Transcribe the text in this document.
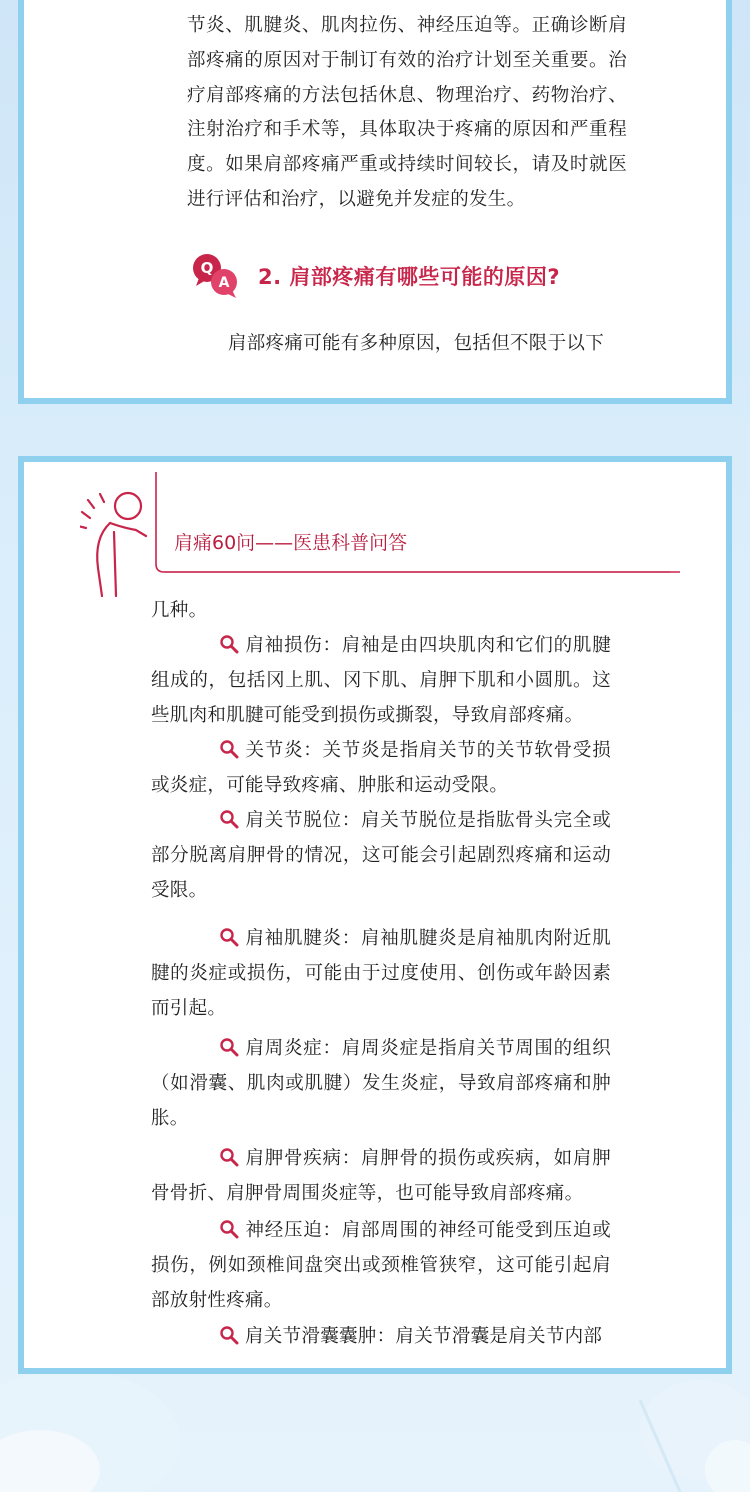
节炎、肌腱炎、肌肉拉伤、神经压迫等。正确诊断肩部疼痛的原因对于制订有效的治疗计划至关重要。治疗肩部疼痛的方法包括休息、物理治疗、药物治疗、注射治疗和手术等，具体取决于疼痛的原因和严重程度。如果肩部疼痛严重或持续时间较长，请及时就医进行评估和治疗，以避免并发症的发生。

Q
A 2. 肩部疼痛有哪些可能的原因?

肩部疼痛可能有多种原因，包括但不限于以下

肩痛60问——医患科普问答

几种。

肩袖损伤：肩袖是由四块肌肉和它们的肌腱组成的，包括冈上肌、冈下肌、肩胛下肌和小圆肌。这些肌肉和肌腱可能受到损伤或撕裂，导致肩部疼痛。

关节炎：关节炎是指肩关节的关节软骨受损或炎症，可能导致疼痛、肿胀和运动受限。

肩关节脱位：肩关节脱位是指肱骨头完全或部分脱离肩胛骨的情况，这可能会引起剧烈疼痛和运动受限。

肩袖肌腱炎：肩袖肌腱炎是肩袖肌肉附近肌腱的炎症或损伤，可能由于过度使用、创伤或年龄因素而引起。

肩周炎症：肩周炎症是指肩关节周围的组织（如滑囊、肌肉或肌腱）发生炎症，导致肩部疼痛和肿胀。

肩胛骨疾病：肩胛骨的损伤或疾病，如肩胛骨骨折、肩胛骨周围炎症等，也可能导致肩部疼痛。

神经压迫：肩部周围的神经可能受到压迫或损伤，例如颈椎间盘突出或颈椎管狭窄，这可能引起肩部放射性疼痛。

肩关节滑囊囊肿：肩关节滑囊是肩关节内部
